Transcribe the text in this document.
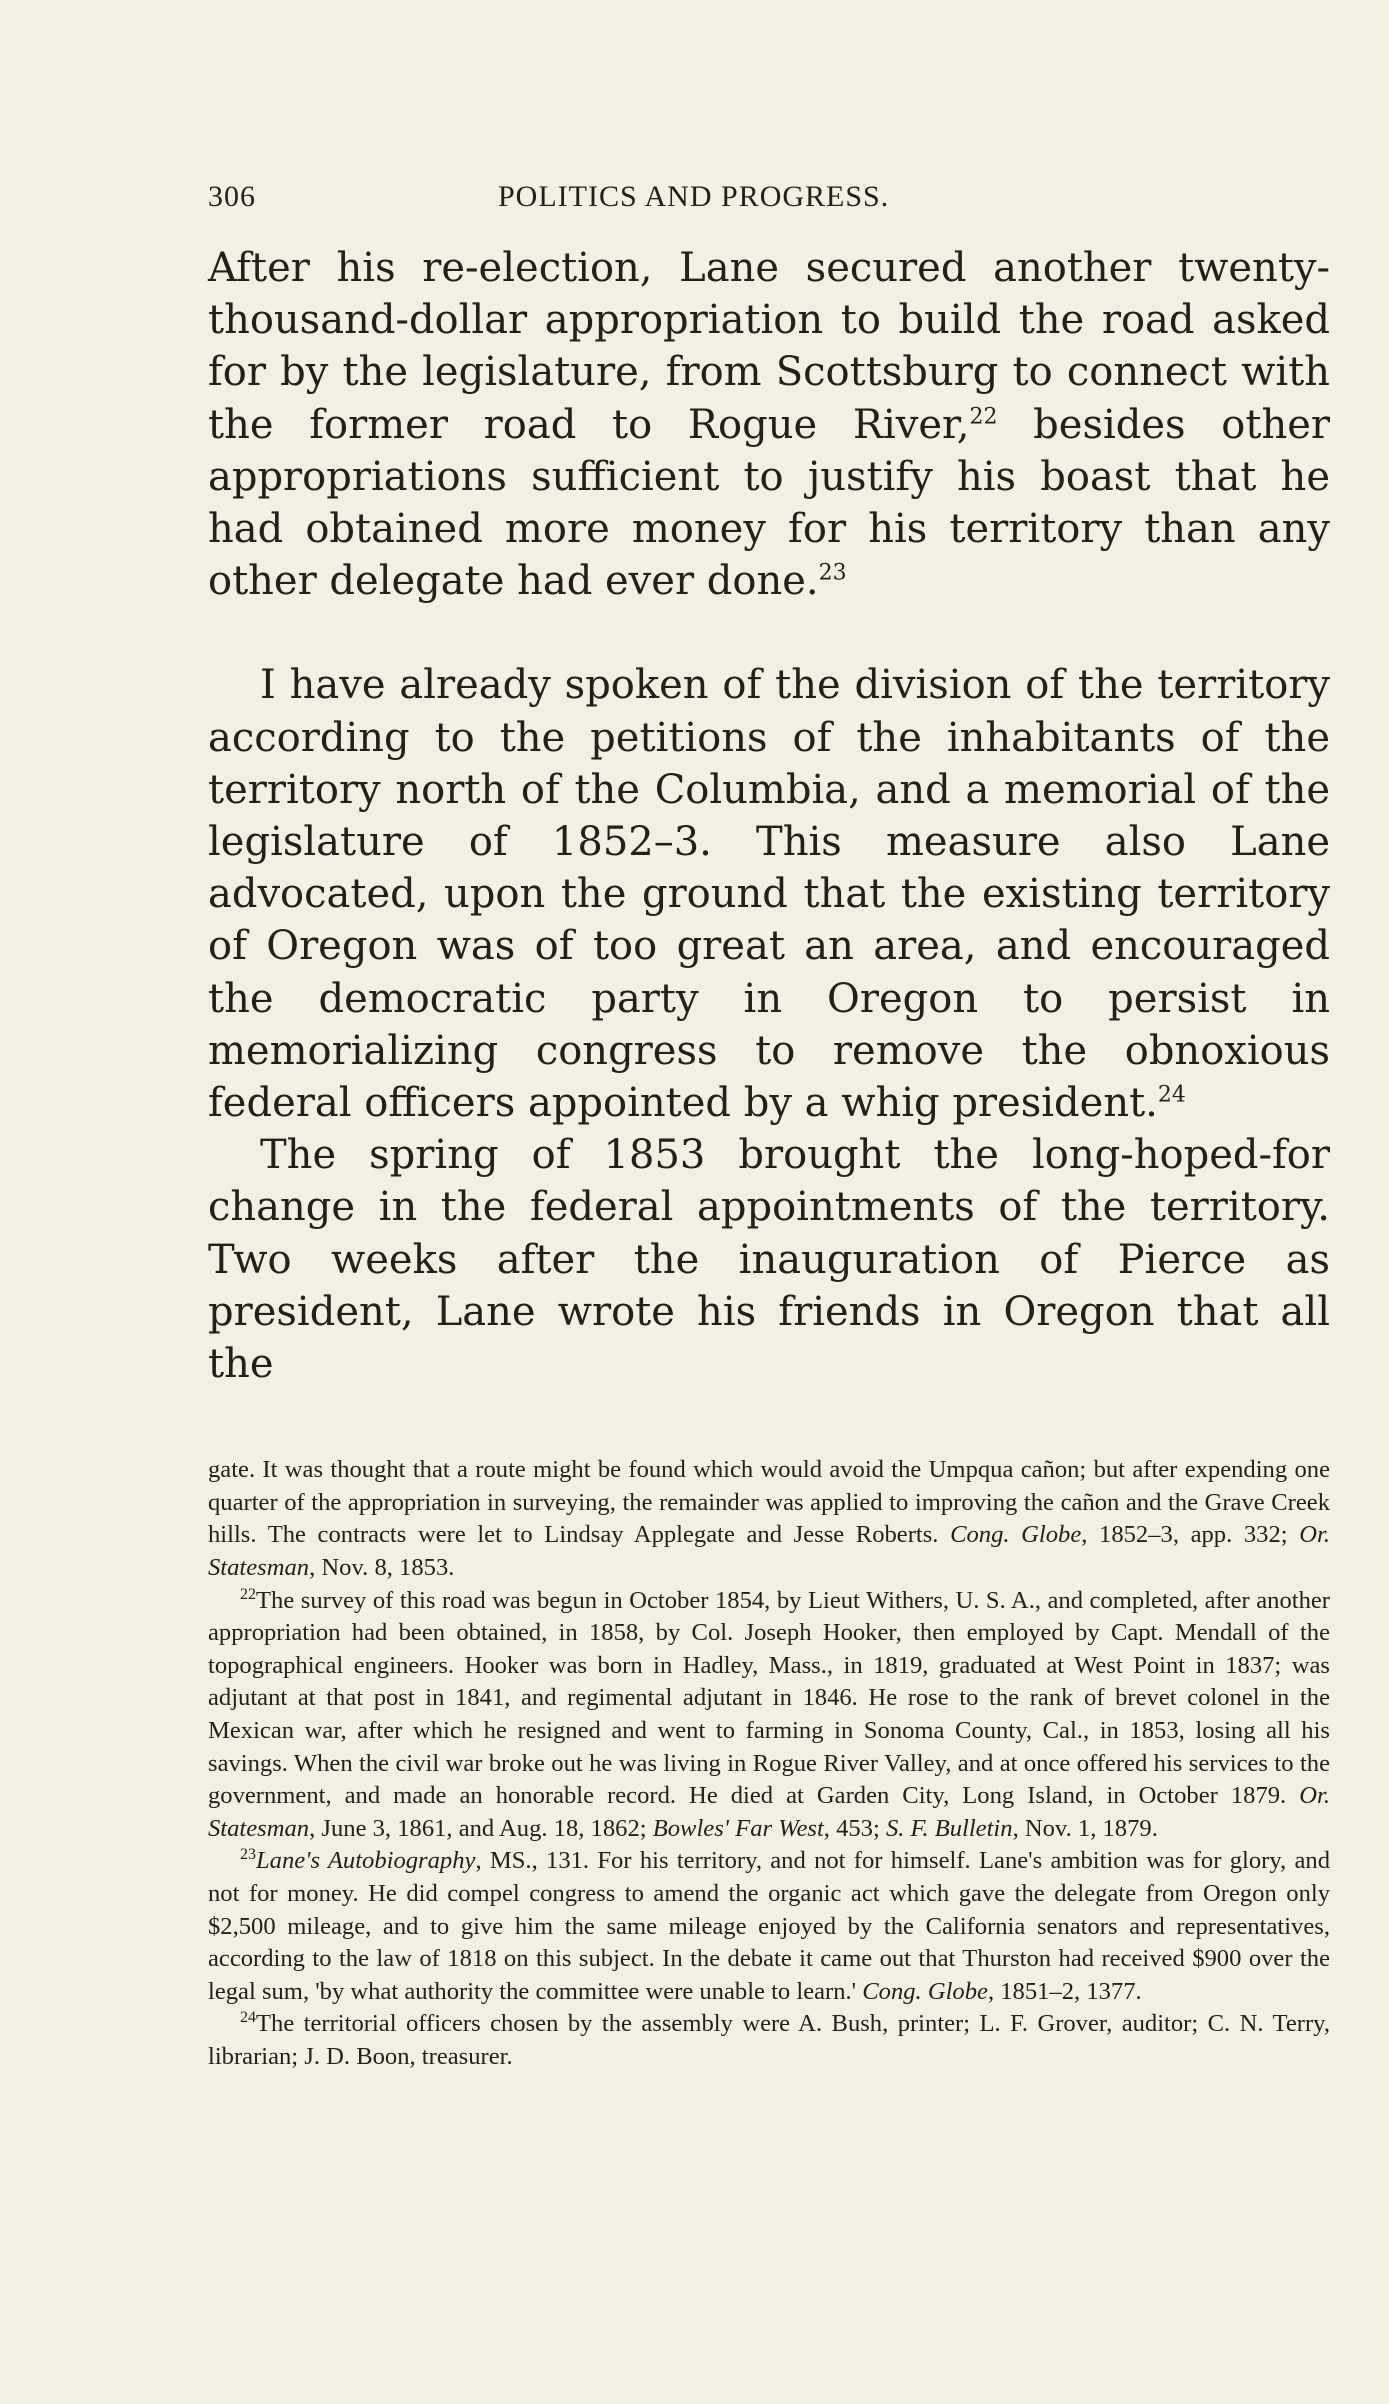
306	POLITICS AND PROGRESS.

After his re-election, Lane secured another twenty-thousand-dollar appropriation to build the road asked for by the legislature, from Scottsburg to connect with the former road to Rogue River,$^{22}$ besides other appropriations sufficient to justify his boast that he had obtained more money for his territory than any other delegate had ever done.$^{23}$

I have already spoken of the division of the territory according to the petitions of the inhabitants of the territory north of the Columbia, and a memorial of the legislature of 1852–3. This measure also Lane advocated, upon the ground that the existing territory of Oregon was of too great an area, and encouraged the democratic party in Oregon to persist in memorializing congress to remove the obnoxious federal officers appointed by a whig president.$^{24}$

The spring of 1853 brought the long-hoped-for change in the federal appointments of the territory. Two weeks after the inauguration of Pierce as president, Lane wrote his friends in Oregon that all the

gate. It was thought that a route might be found which would avoid the Umpqua cañon; but after expending one quarter of the appropriation in surveying, the remainder was applied to improving the cañon and the Grave Creek hills. The contracts were let to Lindsay Applegate and Jesse Roberts. Cong. Globe, 1852–3, app. 332; Or. Statesman, Nov. 8, 1853.

$^{22}$The survey of this road was begun in October 1854, by Lieut Withers, U. S. A., and completed, after another appropriation had been obtained, in 1858, by Col. Joseph Hooker, then employed by Capt. Mendall of the topographical engineers. Hooker was born in Hadley, Mass., in 1819, graduated at West Point in 1837; was adjutant at that post in 1841, and regimental adjutant in 1846. He rose to the rank of brevet colonel in the Mexican war, after which he resigned and went to farming in Sonoma County, Cal., in 1853, losing all his savings. When the civil war broke out he was living in Rogue River Valley, and at once offered his services to the government, and made an honorable record. He died at Garden City, Long Island, in October 1879. Or. Statesman, June 3, 1861, and Aug. 18, 1862; Bowles' Far West, 453; S. F. Bulletin, Nov. 1, 1879.

$^{23}$Lane's Autobiography, MS., 131. For his territory, and not for himself. Lane's ambition was for glory, and not for money. He did compel congress to amend the organic act which gave the delegate from Oregon only $2,500 mileage, and to give him the same mileage enjoyed by the California senators and representatives, according to the law of 1818 on this subject. In the debate it came out that Thurston had received $900 over the legal sum, 'by what authority the committee were unable to learn.' Cong. Globe, 1851–2, 1377.

$^{24}$The territorial officers chosen by the assembly were A. Bush, printer; L. F. Grover, auditor; C. N. Terry, librarian; J. D. Boon, treasurer.
